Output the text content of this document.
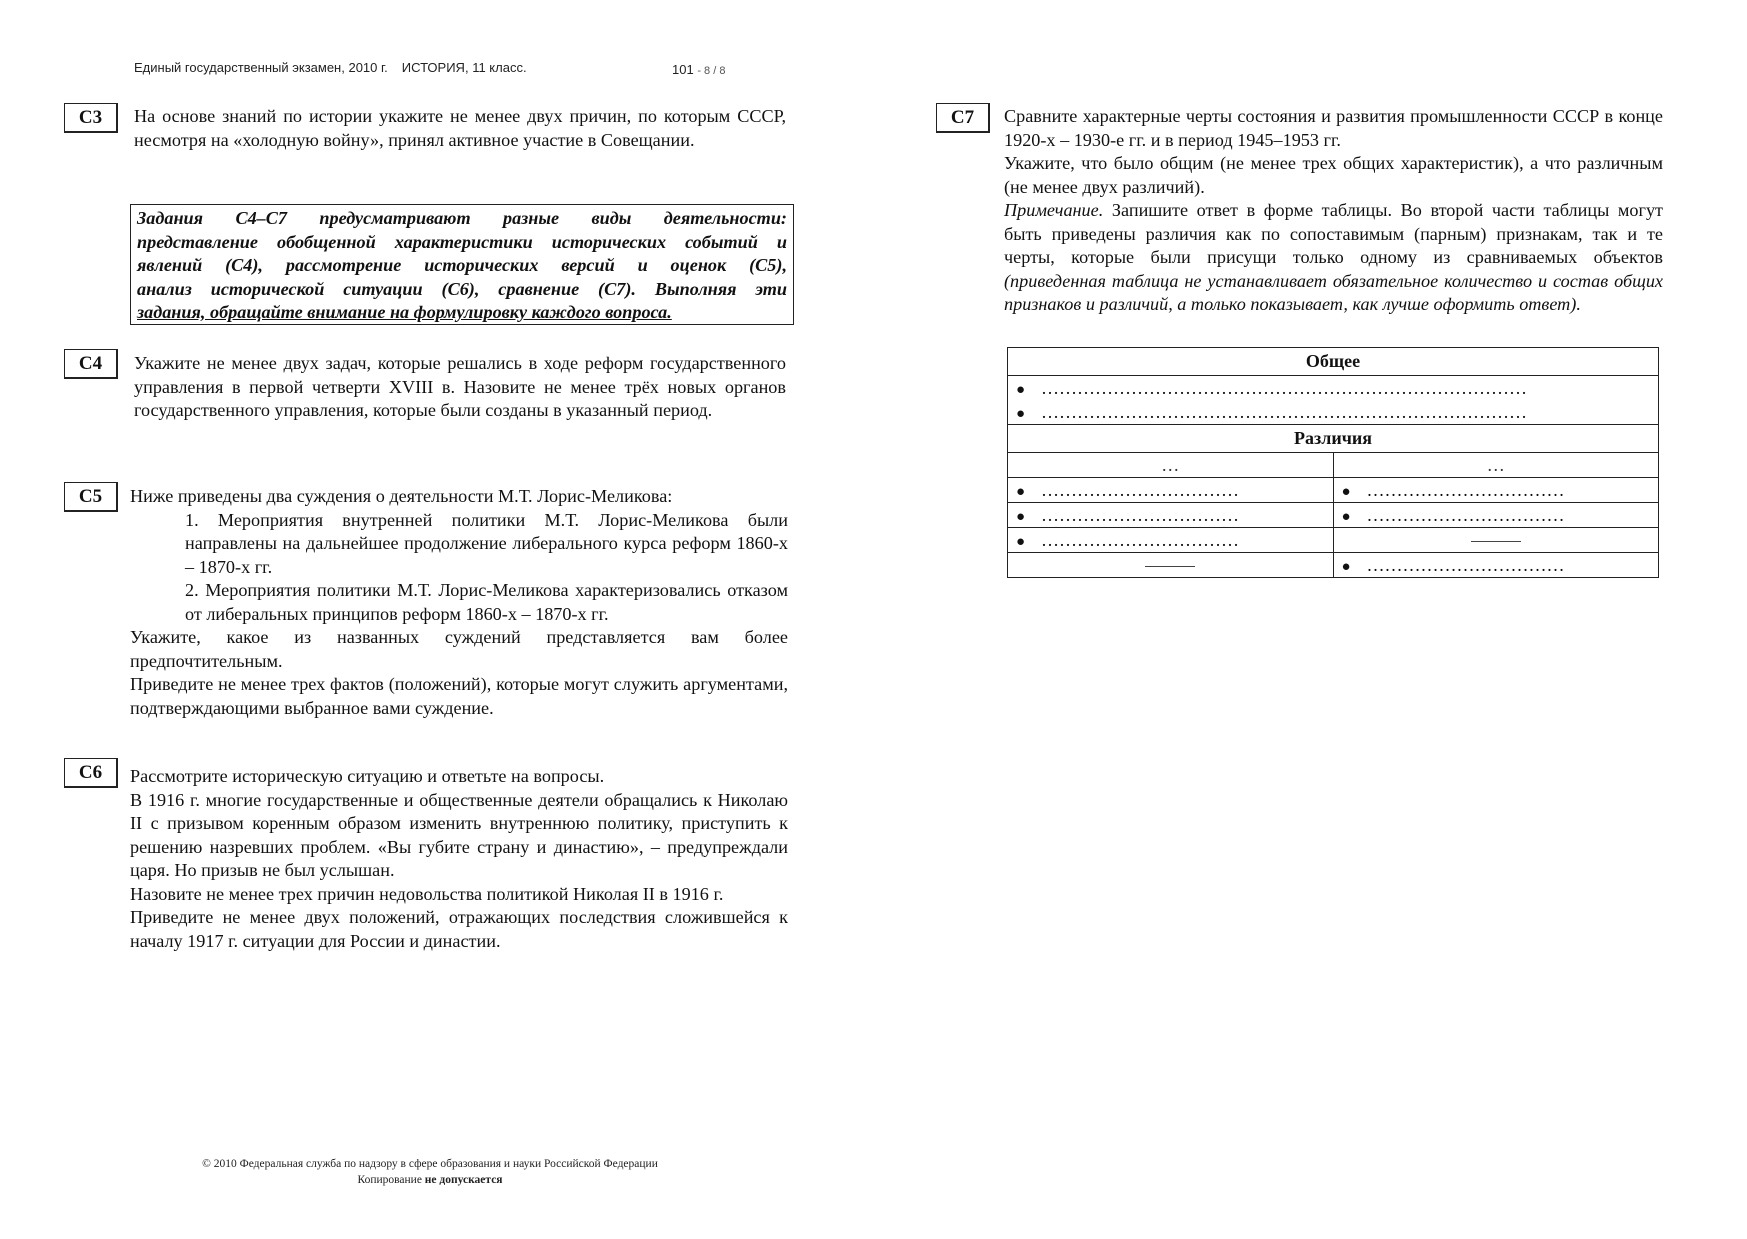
Единый государственный экзамен, 2010 г. ИСТОРИЯ, 11 класс.	101 - 8 / 8
С3	На основе знаний по истории укажите не менее двух причин, по которым СССР, несмотря на «холодную войну», принял активное участие в Совещании.

Задания С4–С7 предусматривают разные виды деятельности:
представление обобщенной характеристики исторических событий и
явлений (С4), рассмотрение исторических версий и оценок (С5),
анализ исторической ситуации (С6), сравнение (С7). Выполняя эти
задания, обращайте внимание на формулировку каждого вопроса.
С4	Укажите не менее двух задач, которые решались в ходе реформ государственного управления в первой четверти XVIII в. Назовите не менее трёх новых органов государственного управления, которые были созданы в указанный период.

С5	Ниже приведены два суждения о деятельности М.Т. Лорис-Меликова:

1. Мероприятия внутренней политики М.Т. Лорис-Меликова были направлены на дальнейшее продолжение либерального курса реформ 1860-х – 1870-х гг.

2. Мероприятия политики М.Т. Лорис-Меликова характеризовались отказом от либеральных принципов реформ 1860-х – 1870-х гг.

Укажите, какое из названных суждений представляется вам более предпочтительным.

Приведите не менее трех фактов (положений), которые могут служить аргументами, подтверждающими выбранное вами суждение.

С6	Рассмотрите историческую ситуацию и ответьте на вопросы.

В 1916 г. многие государственные и общественные деятели обращались к Николаю II с призывом коренным образом изменить внутреннюю политику, приступить к решению назревших проблем. «Вы губите страну и династию», – предупреждали царя. Но призыв не был услышан.

Назовите не менее трех причин недовольства политикой Николая II в 1916 г.

Приведите не менее двух положений, отражающих последствия сложившейся к началу 1917 г. ситуации для России и династии.

С7	Сравните характерные черты состояния и развития промышленности СССР в конце 1920-х – 1930-е гг. и в период 1945–1953 гг.

Укажите, что было общим (не менее трех общих характеристик), а что различным (не менее двух различий).

Примечание. Запишите ответ в форме таблицы. Во второй части таблицы могут быть приведены различия как по сопоставимым (парным) признакам, так и те черты, которые были присущи только одному из сравниваемых объектов (приведенная таблица не устанавливает обязательное количество и состав общих признаков и различий, а только показывает, как лучше оформить ответ).

Общее	

● ………………………………………………………………………
● ………………………………………………………………………	

Различия	
…	…

● ……………………………	● ……………………………

● ……………………………	● ……………………………

● ……………………………	

	● ……………………………
© 2010 Федеральная служба по надзору в сфере образования и науки Российской Федерации
Копирование не допускается
